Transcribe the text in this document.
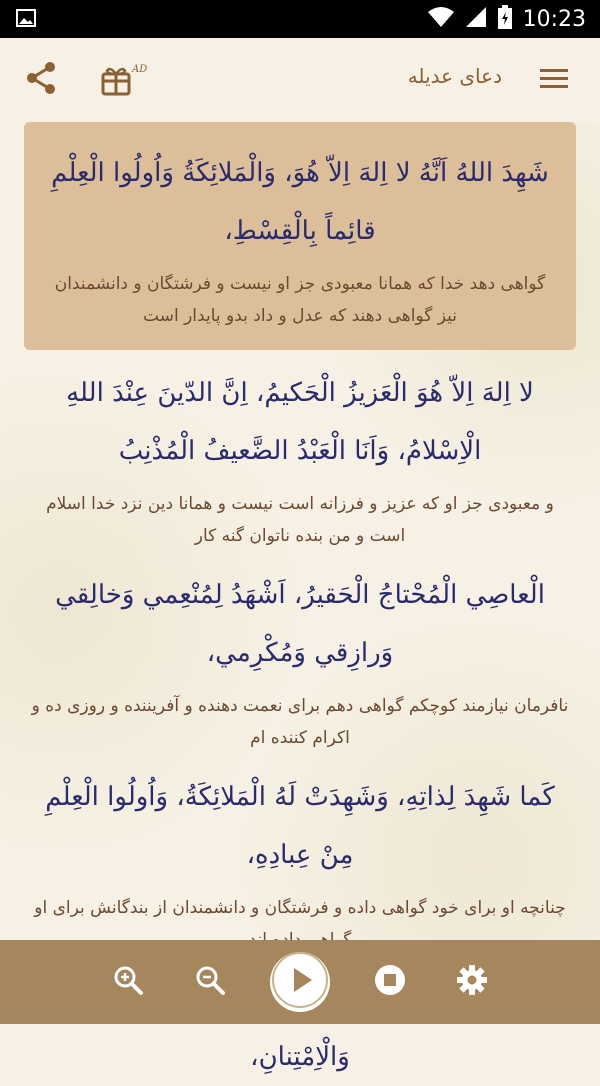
10:23
AD	دعای عدیله
شَهِدَ اللهُ اَنَّهُ لا اِلهَ اِلاّ هُوَ، وَالْمَلائِكَةُ وَاُولُوا الْعِلْمِ قائِماً بِالْقِسْطِ،
گواهی دهد خدا که همانا معبودی جز او نیست و فرشتگان و دانشمندان نیز گواهی دهند که عدل و داد بدو پایدار است
لا اِلهَ اِلاّ هُوَ الْعَزيزُ الْحَكيمُ، اِنَّ الدّينَ عِنْدَ اللهِ الْاِسْلامُ، وَاَنَا الْعَبْدُ الضَّعيفُ الْمُذْنِبُ
و معبودی جز او که عزیز و فرزانه است نیست و همانا دین نزد خدا اسلام است و من بنده ناتوان گنه کار
الْعاصِي الْمُحْتاجُ الْحَقيرُ، اَشْهَدُ لِمُنْعِمي وَخالِقي وَرازِقي وَمُكْرِمي،
نافرمان نیازمند کوچکم گواهی دهم برای نعمت دهنده و آفریننده و روزی ده و اکرام کننده ام
كَما شَهِدَ لِذاتِهِ، وَشَهِدَتْ لَهُ الْمَلائِكَةُ، وَاُولُوا الْعِلْمِ مِنْ عِبادِهِ،
چنانچه او برای خود گواهی داده و فرشتگان و دانشمندان از بندگانش برای او
وَالْاِمْتِنانِ،
